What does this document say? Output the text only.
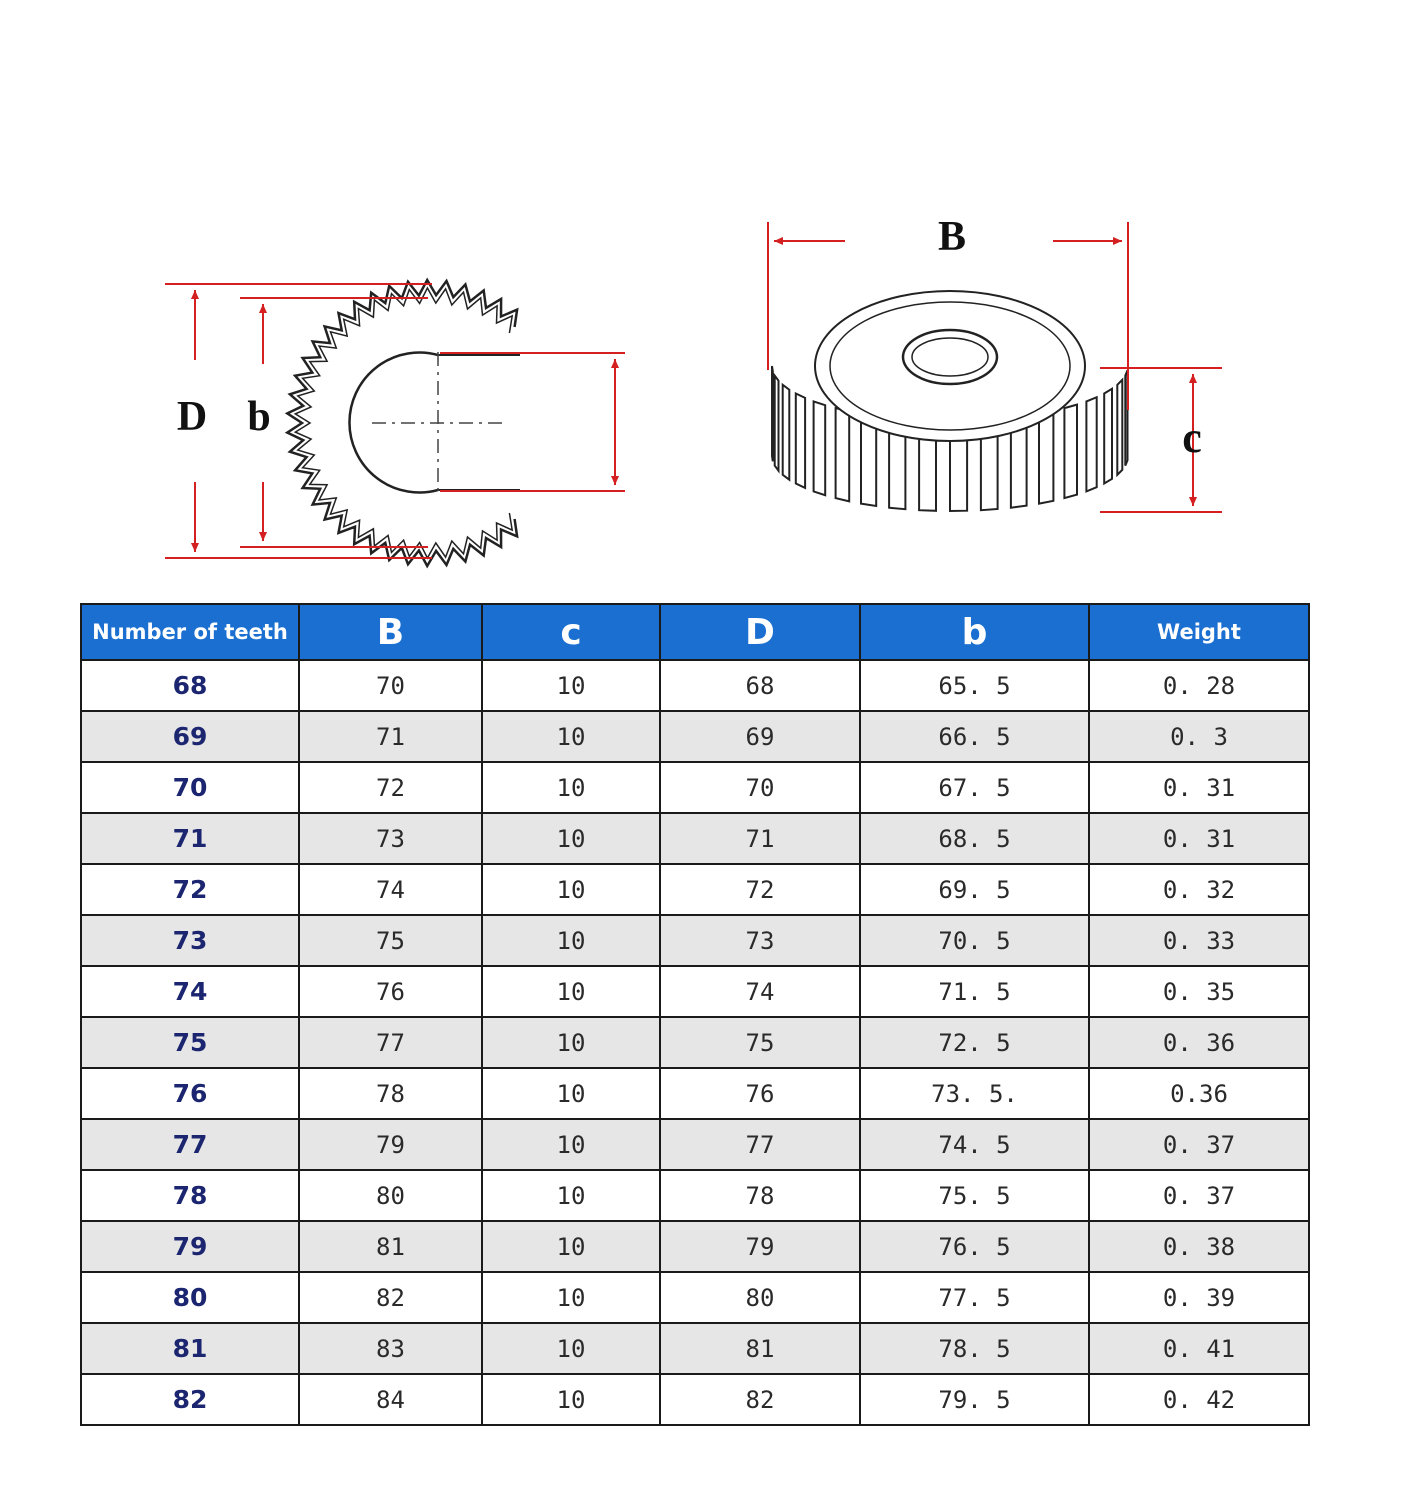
D b
B
c
Number of teeth	B	c	D	b	Weight
68	70	10	68	65. 5	0. 28
69	71	10	69	66. 5	0. 3
70	72	10	70	67. 5	0. 31
71	73	10	71	68. 5	0. 31
72	74	10	72	69. 5	0. 32
73	75	10	73	70. 5	0. 33
74	76	10	74	71. 5	0. 35
75	77	10	75	72. 5	0. 36
76	78	10	76	73. 5.	0.36
77	79	10	77	74. 5	0. 37
78	80	10	78	75. 5	0. 37
79	81	10	79	76. 5	0. 38
80	82	10	80	77. 5	0. 39
81	83	10	81	78. 5	0. 41
82	84	10	82	79. 5	0. 42
